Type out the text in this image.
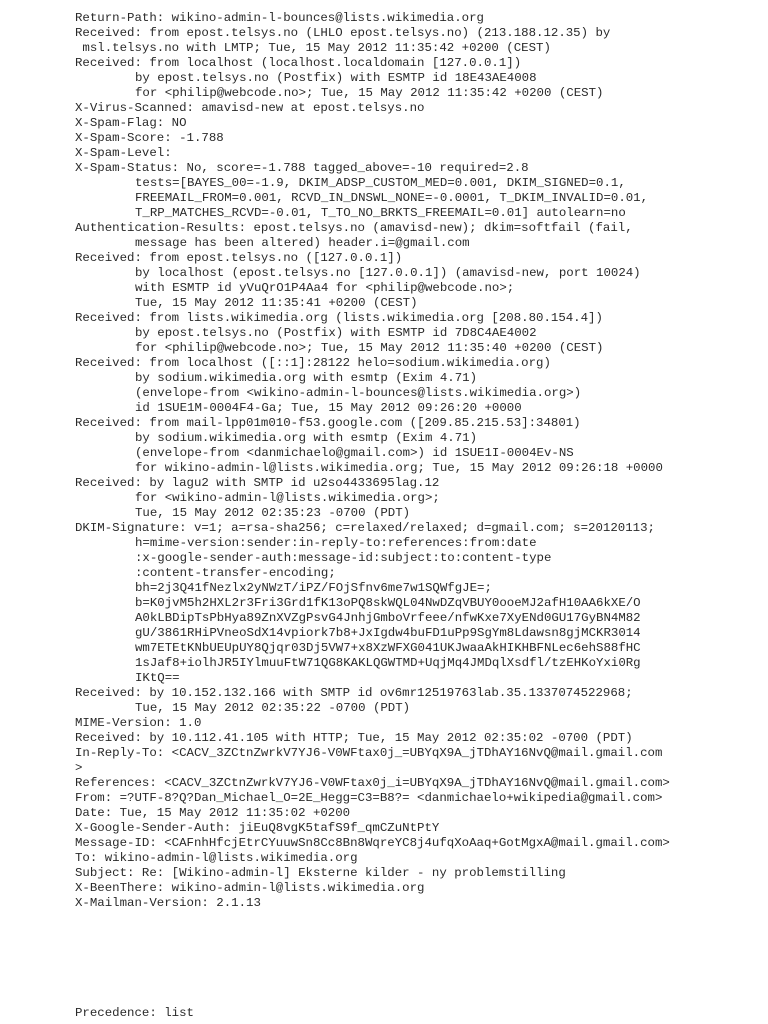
Return-Path: wikino-admin-l-bounces@lists.wikimedia.org
Received: from epost.telsys.no (LHLO epost.telsys.no) (213.188.12.35) by
msl.telsys.no with LMTP; Tue, 15 May 2012 11:35:42 +0200 (CEST)
Received: from localhost (localhost.localdomain [127.0.0.1])
by epost.telsys.no (Postfix) with ESMTP id 18E43AE4008
for <philip@webcode.no>; Tue, 15 May 2012 11:35:42 +0200 (CEST)
X-Virus-Scanned: amavisd-new at epost.telsys.no
X-Spam-Flag: NO
X-Spam-Score: -1.788
X-Spam-Level:
X-Spam-Status: No, score=-1.788 tagged_above=-10 required=2.8
tests=[BAYES_00=-1.9, DKIM_ADSP_CUSTOM_MED=0.001, DKIM_SIGNED=0.1,
FREEMAIL_FROM=0.001, RCVD_IN_DNSWL_NONE=-0.0001, T_DKIM_INVALID=0.01,
T_RP_MATCHES_RCVD=-0.01, T_TO_NO_BRKTS_FREEMAIL=0.01] autolearn=no
Authentication-Results: epost.telsys.no (amavisd-new); dkim=softfail (fail,
message has been altered) header.i=@gmail.com
Received: from epost.telsys.no ([127.0.0.1])
by localhost (epost.telsys.no [127.0.0.1]) (amavisd-new, port 10024)
with ESMTP id yVuQrO1P4Aa4 for <philip@webcode.no>;
Tue, 15 May 2012 11:35:41 +0200 (CEST)
Received: from lists.wikimedia.org (lists.wikimedia.org [208.80.154.4])
by epost.telsys.no (Postfix) with ESMTP id 7D8C4AE4002
for <philip@webcode.no>; Tue, 15 May 2012 11:35:40 +0200 (CEST)
Received: from localhost ([::1]:28122 helo=sodium.wikimedia.org)
by sodium.wikimedia.org with esmtp (Exim 4.71)
(envelope-from <wikino-admin-l-bounces@lists.wikimedia.org>)
id 1SUE1M-0004F4-Ga; Tue, 15 May 2012 09:26:20 +0000
Received: from mail-lpp01m010-f53.google.com ([209.85.215.53]:34801)
by sodium.wikimedia.org with esmtp (Exim 4.71)
(envelope-from <danmichaelo@gmail.com>) id 1SUE1I-0004Ev-NS
for wikino-admin-l@lists.wikimedia.org; Tue, 15 May 2012 09:26:18 +0000
Received: by lagu2 with SMTP id u2so4433695lag.12
for <wikino-admin-l@lists.wikimedia.org>;
Tue, 15 May 2012 02:35:23 -0700 (PDT)
DKIM-Signature: v=1; a=rsa-sha256; c=relaxed/relaxed; d=gmail.com; s=20120113;
h=mime-version:sender:in-reply-to:references:from:date
:x-google-sender-auth:message-id:subject:to:content-type
:content-transfer-encoding;
bh=2j3Q41fNezlx2yNWzT/iPZ/FOjSfnv6me7w1SQWfgJE=;
b=K0jvM5h2HXL2r3Fri3Grd1fK13oPQ8skWQL04NwDZqVBUY0ooeMJ2afH10AA6kXE/O
A0kLBDipTsPbHya89ZnXVZgPsvG4JnhjGmboVrfeee/nfwKxe7XyENd0GU17GyBN4M82
gU/3861RHiPVneoSdX14vpiork7b8+JxIgdw4buFD1uPp9SgYm8Ldawsn8gjMCKR3014
wm7ETEtKNbUEUpUY8Qjqr03Dj5VW7+x8XzWFXG041UKJwaaAkHIKHBFNLec6ehS88fHC
1sJaf8+iolhJR5IYlmuuFtW71QG8KAKLQGWTMD+UqjMq4JMDqlXsdfl/tzEHKoYxi0Rg
IKtQ==
Received: by 10.152.132.166 with SMTP id ov6mr12519763lab.35.1337074522968;
Tue, 15 May 2012 02:35:22 -0700 (PDT)
MIME-Version: 1.0
Received: by 10.112.41.105 with HTTP; Tue, 15 May 2012 02:35:02 -0700 (PDT)
In-Reply-To: <CACV_3ZCtnZwrkV7YJ6-V0WFtax0j_=UBYqX9A_jTDhAY16NvQ@mail.gmail.com
>
References: <CACV_3ZCtnZwrkV7YJ6-V0WFtax0j_i=UBYqX9A_jTDhAY16NvQ@mail.gmail.com>
From: =?UTF-8?Q?Dan_Michael_O=2E_Hegg=C3=B8?= <danmichaelo+wikipedia@gmail.com>
Date: Tue, 15 May 2012 11:35:02 +0200
X-Google-Sender-Auth: jiEuQ8vgK5tafS9f_qmCZuNtPtY
Message-ID: <CAFnhHfcjEtrCYuuwSn8Cc8Bn8WqreYC8j4ufqXoAaq+GotMgxA@mail.gmail.com>
To: wikino-admin-l@lists.wikimedia.org
Subject: Re: [Wikino-admin-l] Eksterne kilder - ny problemstilling
X-BeenThere: wikino-admin-l@lists.wikimedia.org
X-Mailman-Version: 2.1.13
Precedence: list
